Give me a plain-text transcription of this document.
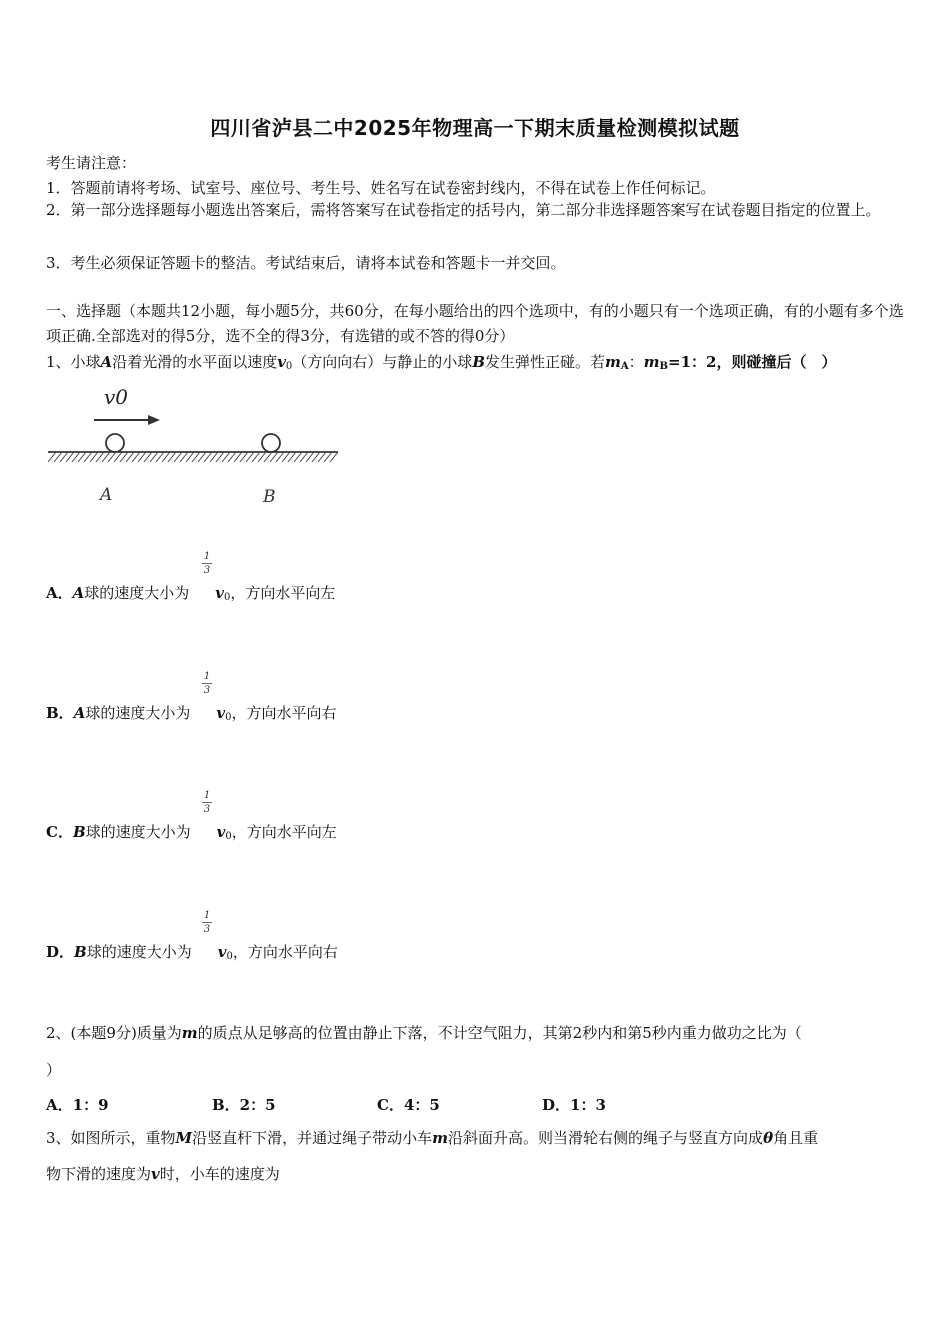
四川省泸县二中2025年物理高一下期末质量检测模拟试题
考生请注意：
1．答题前请将考场、试室号、座位号、考生号、姓名写在试卷密封线内，不得在试卷上作任何标记。
2．第一部分选择题每小题选出答案后，需将答案写在试卷指定的括号内，第二部分非选择题答案写在试卷题目指定的位置上。
3．考生必须保证答题卡的整洁。考试结束后，请将本试卷和答题卡一并交回。
一、选择题（本题共12小题，每小题5分，共60分，在每小题给出的四个选项中，有的小题只有一个选项正确，有的小题有多个选项正确.全部选对的得5分，选不全的得3分，有选错的或不答的得0分）
1、小球A沿着光滑的水平面以速度$v_0$（方向向右）与静止的小球B发生弹性正碰。若$m_A$：$m_B=1$：2，则碰撞后（　）
v0
A	B
1
3
A．A球的速度大小为 $v_0$，方向水平向左
1
3
B．A球的速度大小为 $v_0$，方向水平向右
1
3
C．B球的速度大小为 $v_0$，方向水平向左
1
3
D．B球的速度大小为 $v_0$，方向水平向右
2、(本题9分)质量为m的质点从足够高的位置由静止下落，不计空气阻力，其第2秒内和第5秒内重力做功之比为（
）
A．1：9	B．2：5	C．4：5	D．1：3
3、如图所示，重物M沿竖直杆下滑，并通过绳子带动小车m沿斜面升高。则当滑轮右侧的绳子与竖直方向成θ角且重
物下滑的速度为v时，小车的速度为
